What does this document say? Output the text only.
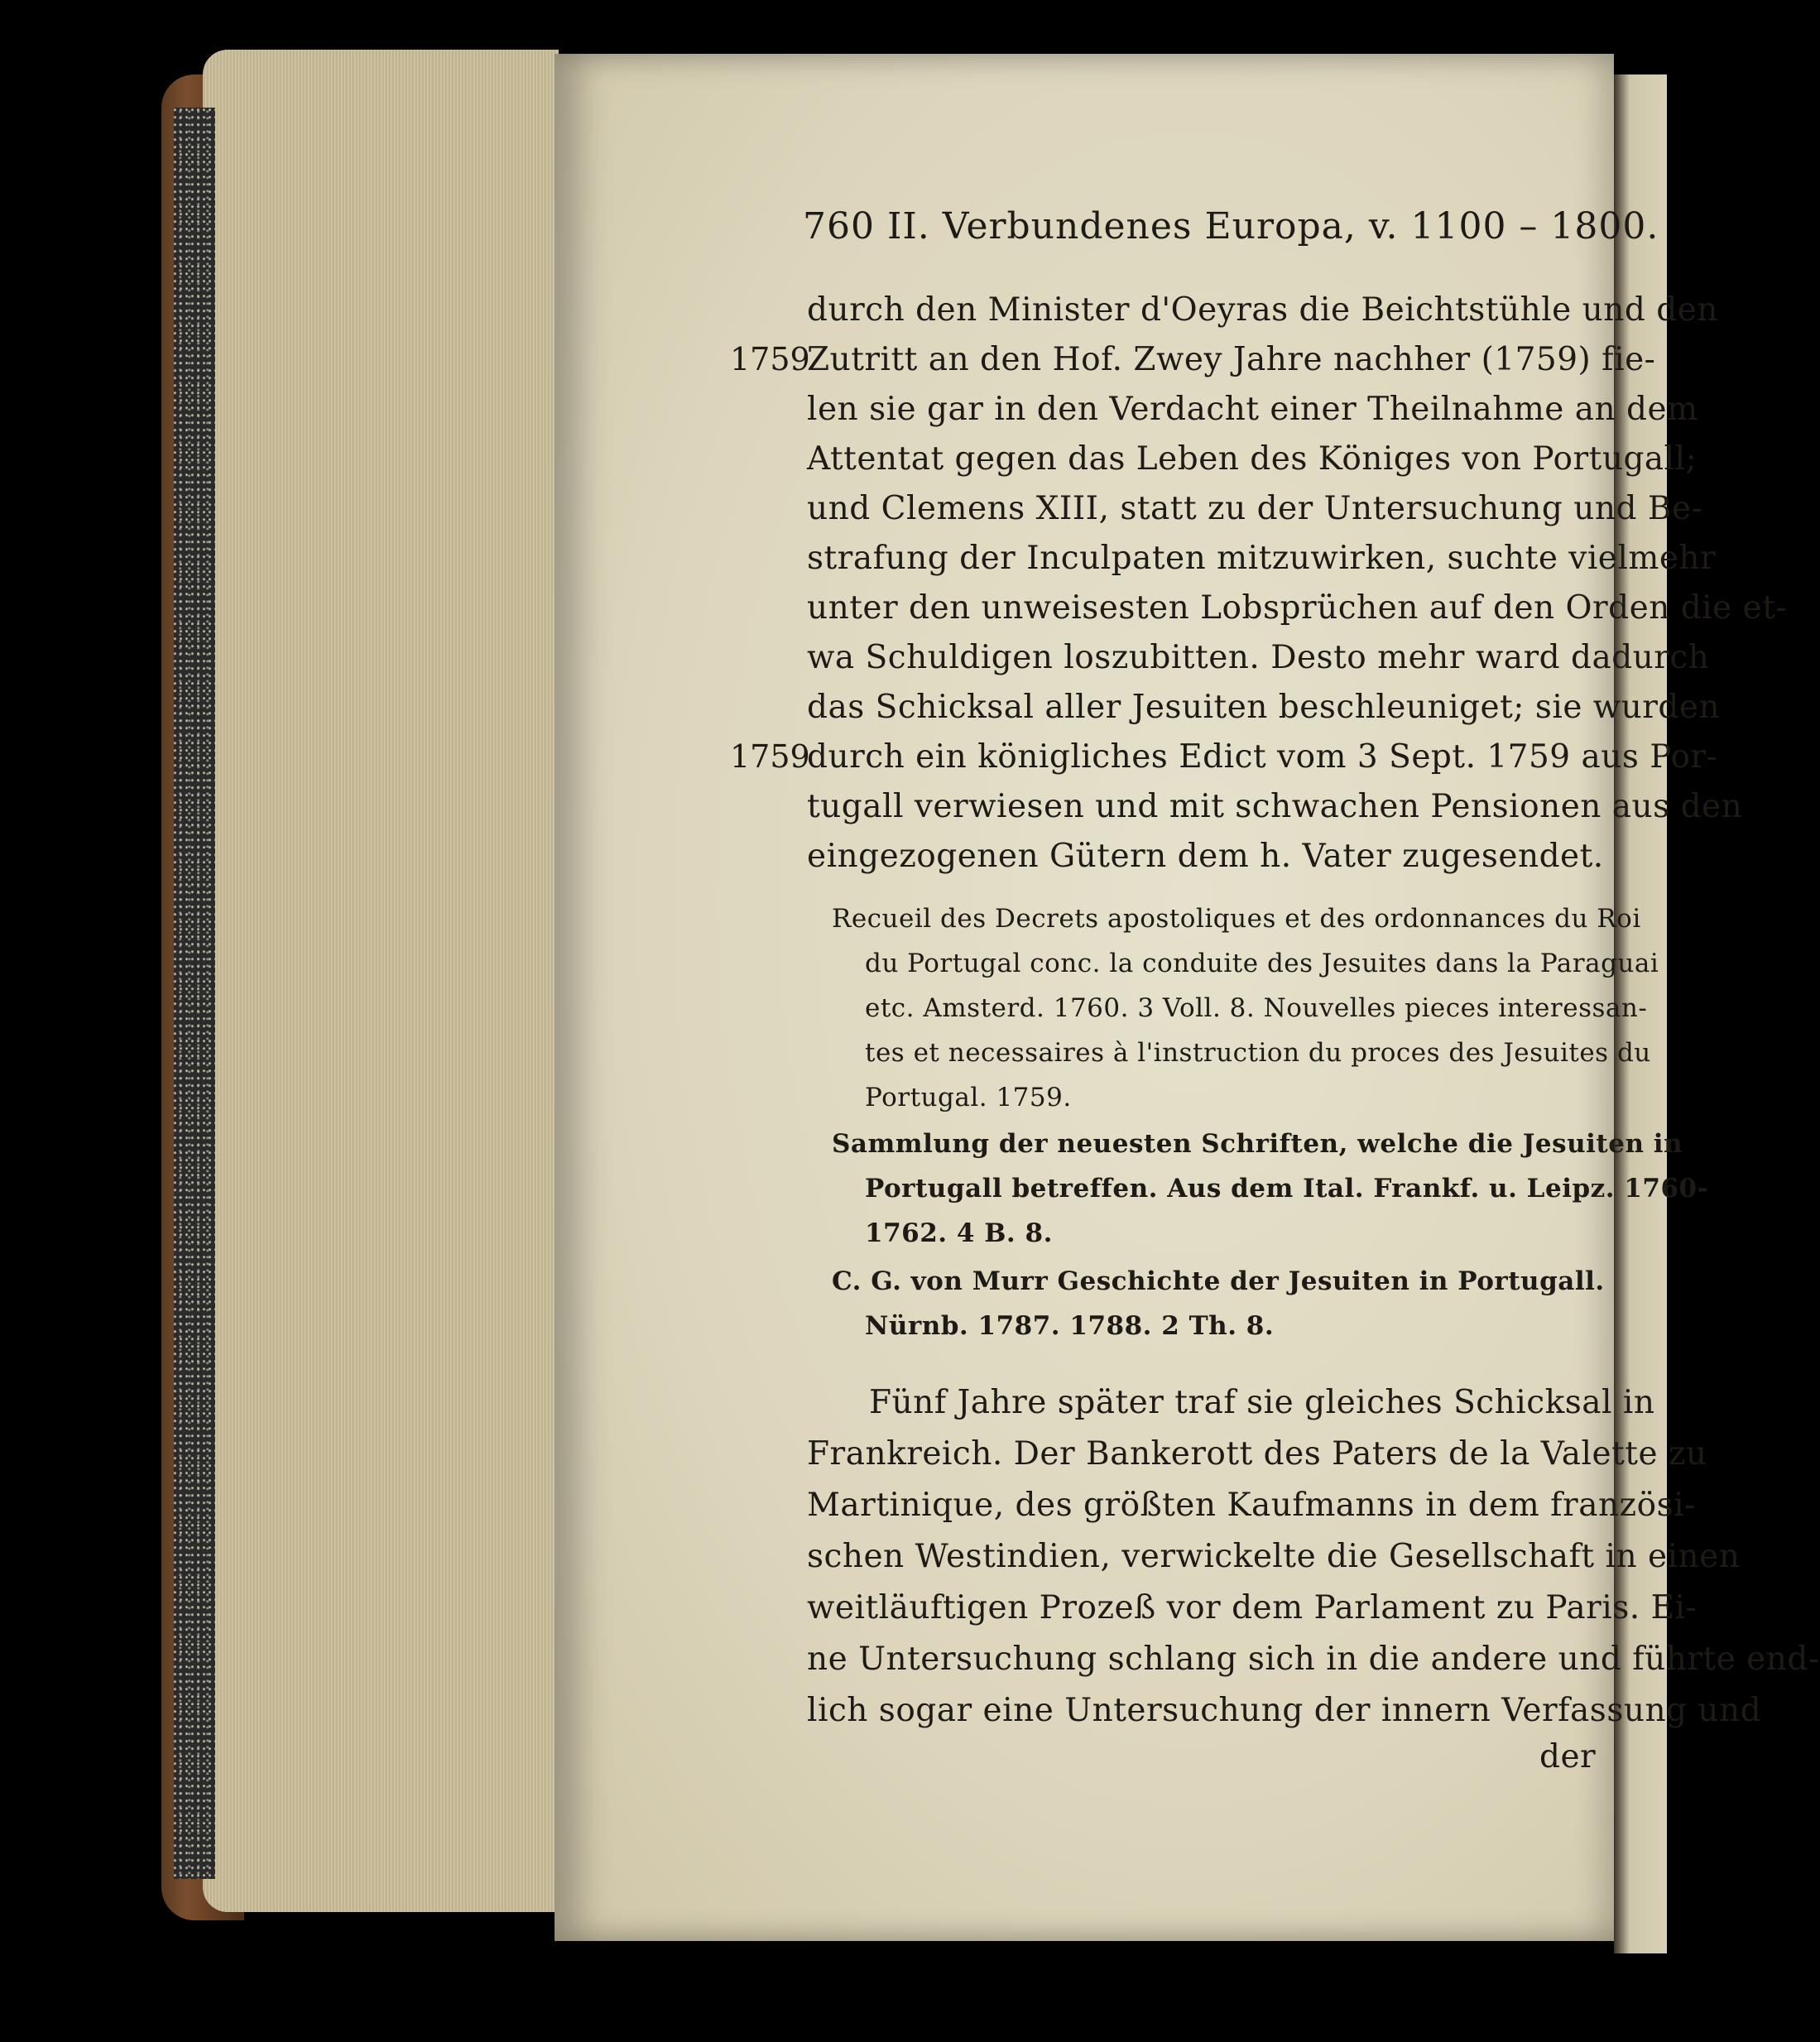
760 II. Verbundenes Europa, v. 1100 – 1800.
1759
1759
durch den Minister d'Oeyras die Beichtstühle und den
Zutritt an den Hof. Zwey Jahre nachher (1759) fie-
len sie gar in den Verdacht einer Theilnahme an dem
Attentat gegen das Leben des Königes von Portugall;
und Clemens XIII, statt zu der Untersuchung und Be-
strafung der Inculpaten mitzuwirken, suchte vielmehr
unter den unweisesten Lobsprüchen auf den Orden die et-
wa Schuldigen loszubitten. Desto mehr ward dadurch
das Schicksal aller Jesuiten beschleuniget; sie wurden
durch ein königliches Edict vom 3 Sept. 1759 aus Por-
tugall verwiesen und mit schwachen Pensionen aus den
eingezogenen Gütern dem h. Vater zugesendet.
Recueil des Decrets apostoliques et des ordonnances du Roi
du Portugal conc. la conduite des Jesuites dans la Paraguai
etc. Amsterd. 1760. 3 Voll. 8. Nouvelles pieces interessan-
tes et necessaires à l'instruction du proces des Jesuites du
Portugal. 1759.
Sammlung der neuesten Schriften, welche die Jesuiten in
Portugall betreffen. Aus dem Ital. Frankf. u. Leipz. 1760-
1762. 4 B. 8.
C. G. von Murr Geschichte der Jesuiten in Portugall.
Nürnb. 1787. 1788. 2 Th. 8.
Fünf Jahre später traf sie gleiches Schicksal in
Frankreich. Der Bankerott des Paters de la Valette zu
Martinique, des größten Kaufmanns in dem französi-
schen Westindien, verwickelte die Gesellschaft in einen
weitläuftigen Prozeß vor dem Parlament zu Paris. Ei-
ne Untersuchung schlang sich in die andere und führte end-
lich sogar eine Untersuchung der innern Verfassung und
der
